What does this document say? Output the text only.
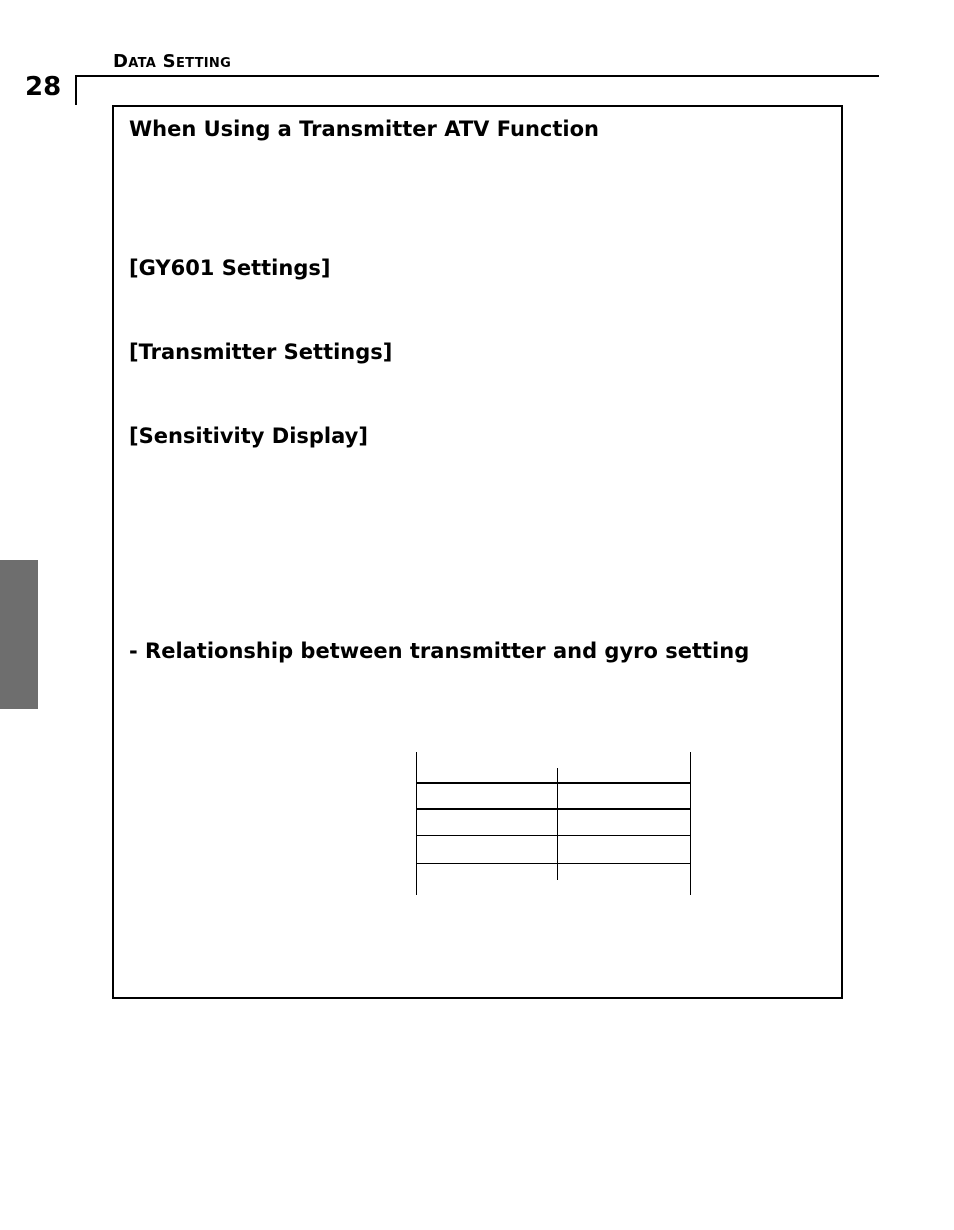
28
Data Setting
When Using a Transmitter ATV Function
[GY601 Settings]
[Transmitter Settings]
[Sensitivity Display]
- Relationship between transmitter and gyro setting
